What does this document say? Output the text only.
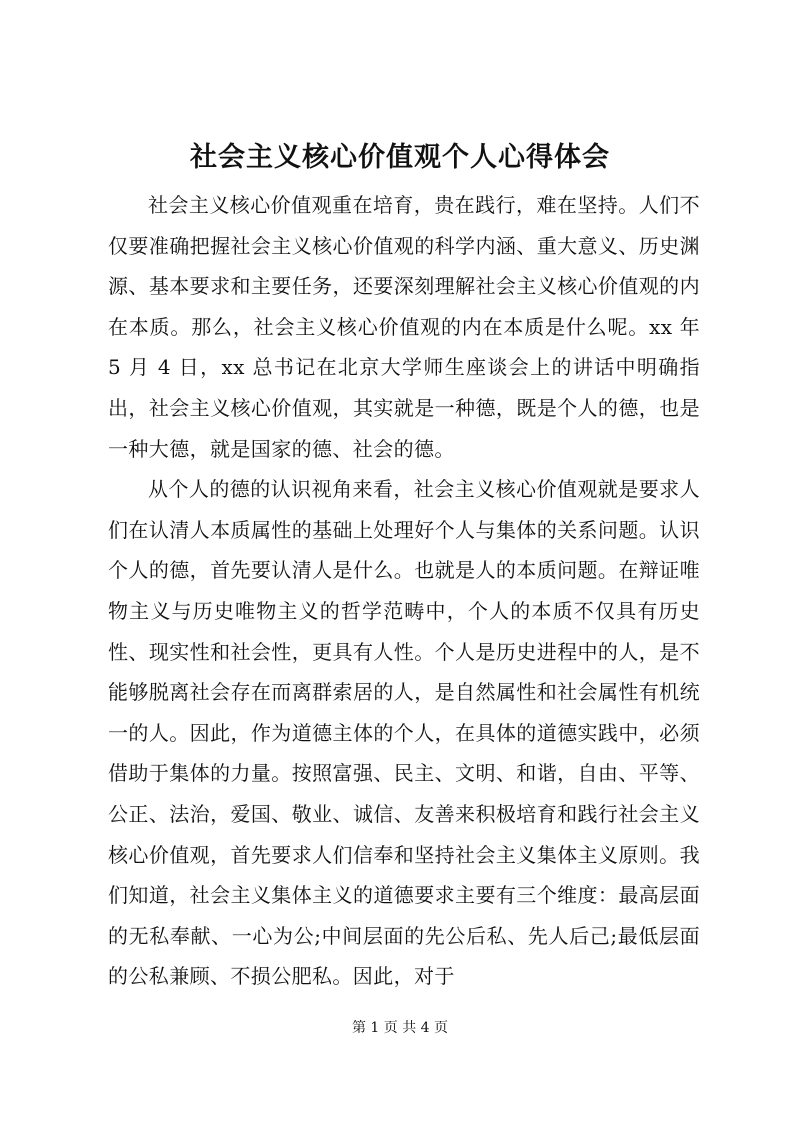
社会主义核心价值观个人心得体会

社会主义核心价值观重在培育，贵在践行，难在坚持。人们不仅要准确把握社会主义核心价值观的科学内涵、重大意义、历史渊源、基本要求和主要任务，还要深刻理解社会主义核心价值观的内在本质。那么，社会主义核心价值观的内在本质是什么呢。xx 年 5 月 4 日，xx 总书记在北京大学师生座谈会上的讲话中明确指出，社会主义核心价值观，其实就是一种德，既是个人的德，也是一种大德，就是国家的德、社会的德。

从个人的德的认识视角来看，社会主义核心价值观就是要求人们在认清人本质属性的基础上处理好个人与集体的关系问题。认识个人的德，首先要认清人是什么。也就是人的本质问题。在辩证唯物主义与历史唯物主义的哲学范畴中，个人的本质不仅具有历史性、现实性和社会性，更具有人性。个人是历史进程中的人，是不能够脱离社会存在而离群索居的人，是自然属性和社会属性有机统一的人。因此，作为道德主体的个人，在具体的道德实践中，必须借助于集体的力量。按照富强、民主、文明、和谐，自由、平等、公正、法治，爱国、敬业、诚信、友善来积极培育和践行社会主义核心价值观，首先要求人们信奉和坚持社会主义集体主义原则。我们知道，社会主义集体主义的道德要求主要有三个维度：最高层面的无私奉献、一心为公;中间层面的先公后私、先人后己;最低层面的公私兼顾、不损公肥私。因此，对于

第 1 页 共 4 页
